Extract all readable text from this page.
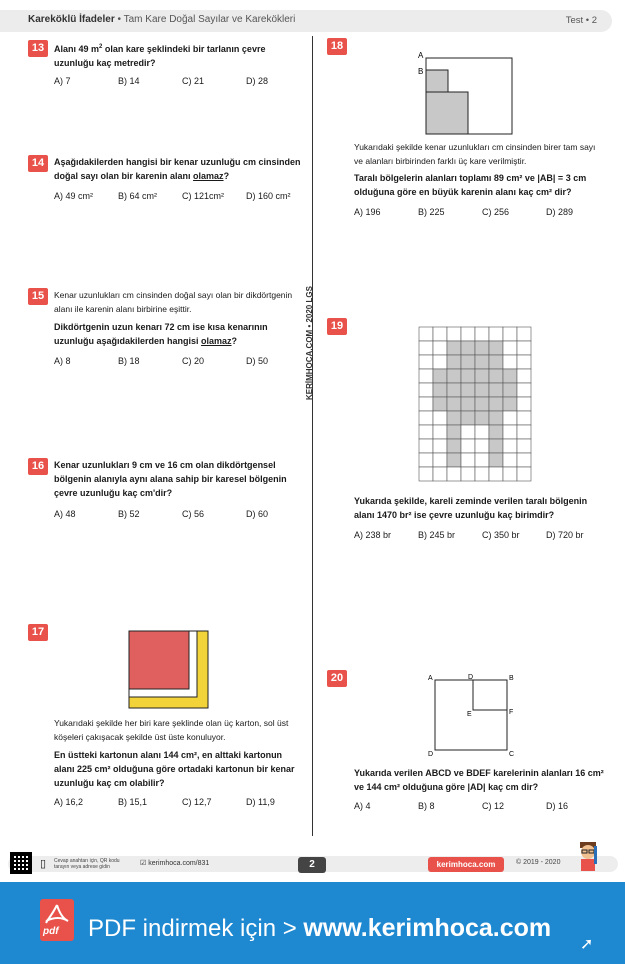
Kareköklü İfadeler • Tam Kare Doğal Sayılar ve Karekökleri	Test • 2
KERİMHOCA.COM • 2020 LGS
13	Alanı 49 $m^2$ olan kare şeklindeki bir tarlanın çevre uzunluğu kaç metredir?
A) 7	B) 14	C) 21	D) 28
14	Aşağıdakilerden hangisi bir kenar uzunluğu cm cinsinden doğal sayı olan bir karenin alanı olamaz?
A) 49 cm²	B) 64 cm²	C) 121cm²	D) 160 cm²
15	Kenar uzunlukları cm cinsinden doğal sayı olan bir dikdörtgenin alanı ile karenin alanı birbirine eşittir.
Dikdörtgenin uzun kenarı 72 cm ise kısa kenarının uzunluğu aşağıdakilerden hangisi olamaz?
A) 8	B) 18	C) 20	D) 50
16	Kenar uzunlukları 9 cm ve 16 cm olan dikdörtgensel bölgenin alanıyla aynı alana sahip bir karesel bölgenin çevre uzunluğu kaç cm'dir?
A) 48	B) 52	C) 56	D) 60
17
Yukarıdaki şekilde her biri kare şeklinde olan üç karton, sol üst köşeleri çakışacak şekilde üst üste konuluyor.
En üstteki kartonun alanı 144 cm², en alttaki kartonun alanı 225 cm² olduğuna göre ortadaki kartonun bir kenar uzunluğu kaç cm olabilir?
A) 16,2	B) 15,1	C) 12,7	D) 11,9
18
A
B
Yukarıdaki şekilde kenar uzunlukları cm cinsinden birer tam sayı ve alanları birbirinden farklı üç kare verilmiştir.
Taralı bölgelerin alanları toplamı 89 cm² ve |AB| = 3 cm olduğuna göre en büyük karenin alanı kaç cm² dir?
A) 196	B) 225	C) 256	D) 289
19
Yukarıda şekilde, kareli zeminde verilen taralı bölgenin alanı 1470 br² ise çevre uzunluğu kaç birimdir?
A) 238 br	B) 245 br	C) 350 br	D) 720 br
20	A	D	B
E	F
D	C
Yukarıda verilen ABCD ve BDEF karelerinin alanları 16 cm² ve 144 cm² olduğuna göre |AD| kaç cm dir?
A) 4	B) 8	C) 12	D) 16
▯ Cevap anahtarı için, QR kodu tarayın veya adrese gidin	☑ kerimhoca.com/831	2	kerimhoca.com	© 2019 - 2020
pdf PDF indirmek için > www.kerimhoca.com
➚
